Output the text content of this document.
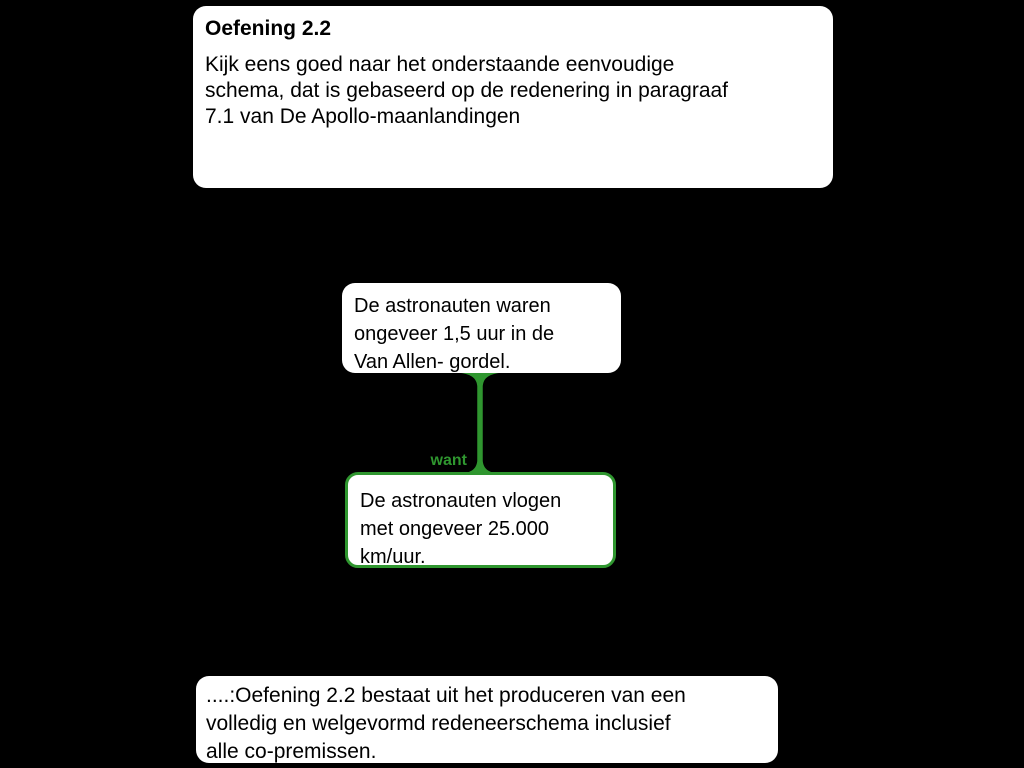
Oefening 2.2
Kijk eens goed naar het onderstaande eenvoudige
schema, dat is gebaseerd op de redenering in paragraaf
7.1 van De Apollo-maanlandingen
De astronauten waren
ongeveer 1,5 uur in de
Van Allen- gordel.
want
De astronauten vlogen
met ongeveer 25.000
km/uur.
....:Oefening 2.2 bestaat uit het produceren van een
volledig en welgevormd redeneerschema inclusief
alle co-premissen.
